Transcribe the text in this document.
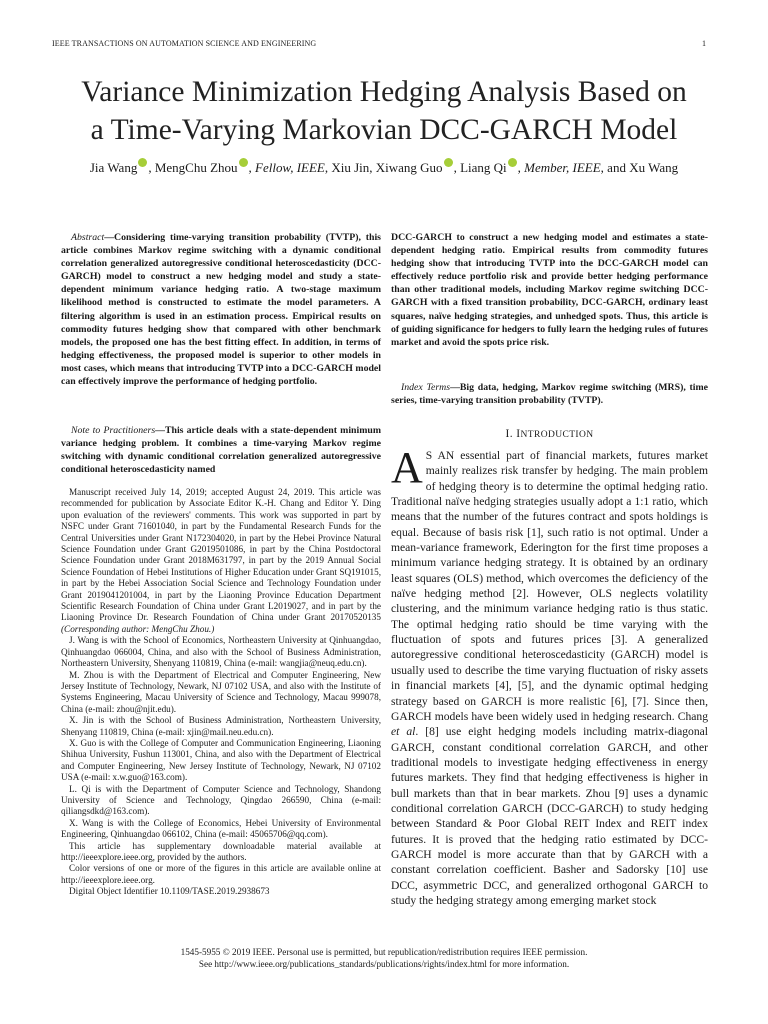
IEEE TRANSACTIONS ON AUTOMATION SCIENCE AND ENGINEERING	1
Variance Minimization Hedging Analysis Based on
a Time-Varying Markovian DCC-GARCH Model
Jia Wang , MengChu Zhou , Fellow, IEEE, Xiu Jin, Xiwang Guo , Liang Qi , Member, IEEE, and Xu Wang

Abstract—Considering time-varying transition probability (TVTP), this article combines Markov regime switching with a dynamic conditional correlation generalized autoregressive conditional heteroscedasticity (DCC-GARCH) model to construct a new hedging model and study a state-dependent minimum variance hedging ratio. A two-stage maximum likelihood method is constructed to estimate the model parameters. A filtering algorithm is used in an estimation process. Empirical results on commodity futures hedging show that compared with other benchmark models, the proposed one has the best fitting effect. In addition, in terms of hedging effectiveness, the proposed model is superior to other models in most cases, which means that introducing TVTP into a DCC-GARCH model can effectively improve the performance of hedging portfolio.

Note to Practitioners—This article deals with a state-dependent minimum variance hedging problem. It combines a time-varying Markov regime switching with dynamic conditional correlation generalized autoregressive conditional heteroscedasticity named

Manuscript received July 14, 2019; accepted August 24, 2019. This article was recommended for publication by Associate Editor K.-H. Chang and Editor Y. Ding upon evaluation of the reviewers' comments. This work was supported in part by NSFC under Grant 71601040, in part by the Fundamental Research Funds for the Central Universities under Grant N172304020, in part by the Hebei Province Natural Science Foundation under Grant G2019501086, in part by the China Postdoctoral Science Foundation under Grant 2018M631797, in part by the 2019 Annual Social Science Foundation of Hebei Institutions of Higher Education under Grant SQ191015, in part by the Hebei Association Social Science and Technology Foundation under Grant 2019041201004, in part by the Liaoning Province Education Department Scientific Research Foundation of China under Grant L2019027, and in part by the Liaoning Province Dr. Research Foundation of China under Grant 20170520135 (Corresponding author: MengChu Zhou.)

J. Wang is with the School of Economics, Northeastern University at Qinhuangdao, Qinhuangdao 066004, China, and also with the School of Business Administration, Northeastern University, Shenyang 110819, China (e-mail: wangjia@neuq.edu.cn).

M. Zhou is with the Department of Electrical and Computer Engineering, New Jersey Institute of Technology, Newark, NJ 07102 USA, and also with the Institute of Systems Engineering, Macau University of Science and Technology, Macau 999078, China (e-mail: zhou@njit.edu).

X. Jin is with the School of Business Administration, Northeastern University, Shenyang 110819, China (e-mail: xjin@mail.neu.edu.cn).

X. Guo is with the College of Computer and Communication Engineering, Liaoning Shihua University, Fushun 113001, China, and also with the Department of Electrical and Computer Engineering, New Jersey Institute of Technology, Newark, NJ 07102 USA (e-mail: x.w.guo@163.com).

L. Qi is with the Department of Computer Science and Technology, Shandong University of Science and Technology, Qingdao 266590, China (e-mail: qiliangsdkd@163.com).

X. Wang is with the College of Economics, Hebei University of Environmental Engineering, Qinhuangdao 066102, China (e-mail: 45065706@qq.com).

This article has supplementary downloadable material available at http://ieeexplore.ieee.org, provided by the authors.

Color versions of one or more of the figures in this article are available online at http://ieeexplore.ieee.org.

Digital Object Identifier 10.1109/TASE.2019.2938673

DCC-GARCH to construct a new hedging model and estimates a state-dependent hedging ratio. Empirical results from commodity futures hedging show that introducing TVTP into the DCC-GARCH model can effectively reduce portfolio risk and provide better hedging performance than other traditional models, including Markov regime switching DCC-GARCH with a fixed transition probability, DCC-GARCH, ordinary least squares, naïve hedging strategies, and unhedged spots. Thus, this article is of guiding significance for hedgers to fully learn the hedging rules of futures market and avoid the spots price risk.

Index Terms—Big data, hedging, Markov regime switching (MRS), time series, time-varying transition probability (TVTP).

I. INTRODUCTION

A S AN essential part of financial markets, futures market mainly realizes risk transfer by hedging. The main problem of hedging theory is to determine the optimal hedging ratio. Traditional naïve hedging strategies usually adopt a 1:1 ratio, which means that the number of the futures contract and spots holdings is equal. Because of basis risk [1], such ratio is not optimal. Under a mean-variance framework, Ederington for the first time proposes a minimum variance hedging strategy. It is obtained by an ordinary least squares (OLS) method, which overcomes the deficiency of the naïve hedging method [2]. However, OLS neglects volatility clustering, and the minimum variance hedging ratio is thus static. The optimal hedging ratio should be time varying with the fluctuation of spots and futures prices [3]. A generalized autoregressive conditional heteroscedasticity (GARCH) model is usually used to describe the time varying fluctuation of risky assets in financial markets [4], [5], and the dynamic optimal hedging strategy based on GARCH is more realistic [6], [7]. Since then, GARCH models have been widely used in hedging research. Chang et al. [8] use eight hedging models including matrix-diagonal GARCH, constant conditional correlation GARCH, and other traditional models to investigate hedging effectiveness in energy futures markets. They find that hedging effectiveness is higher in bull markets than that in bear markets. Zhou [9] uses a dynamic conditional correlation GARCH (DCC-GARCH) to study hedging between Standard & Poor Global REIT Index and REIT index futures. It is proved that the hedging ratio estimated by DCC-GARCH model is more accurate than that by GARCH with a constant correlation coefficient. Basher and Sadorsky [10] use DCC, asymmetric DCC, and generalized orthogonal GARCH to study the hedging strategy among emerging market stock

1545-5955 © 2019 IEEE. Personal use is permitted, but republication/redistribution requires IEEE permission.
See http://www.ieee.org/publications_standards/publications/rights/index.html for more information.
